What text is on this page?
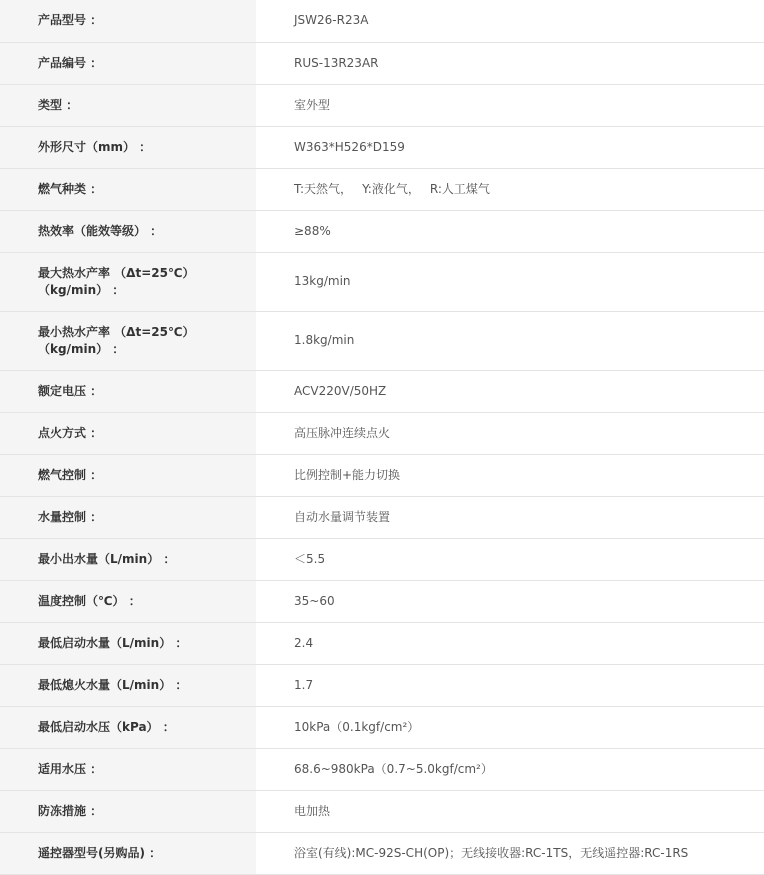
产品型号 ：	JSW26-R23A
产品编号 ：	RUS-13R23AR
类型 ：	室外型
外形尺寸（mm） ：	W363*H526*D159
燃气种类 ：	T:天然气， Y:液化气， R:人工煤气
热效率（能效等级） ：	≥88%

最大热水产率 （Δt=25℃）
（kg/min） ：	13kg/min

最小热水产率 （Δt=25℃）
（kg/min） ：	1.8kg/min
额定电压 ：	ACV220V/50HZ
点火方式 ：	高压脉冲连续点火
燃气控制 ：	比例控制+能力切换
水量控制 ：	自动水量调节装置
最小出水量（L/min） ：	＜5.5
温度控制（℃） ：	35~60
最低启动水量（L/min） ：	2.4
最低熄火水量（L/min） ：	1.7
最低启动水压（kPa） ：	10kPa（0.1kgf/cm²）
适用水压 ：	68.6~980kPa（0.7~5.0kgf/cm²）
防冻措施 ：	电加热
遥控器型号(另购品) ：	浴室(有线):MC-92S-CH(OP)；无线接收器:RC-1TS，无线遥控器:RC-1RS
